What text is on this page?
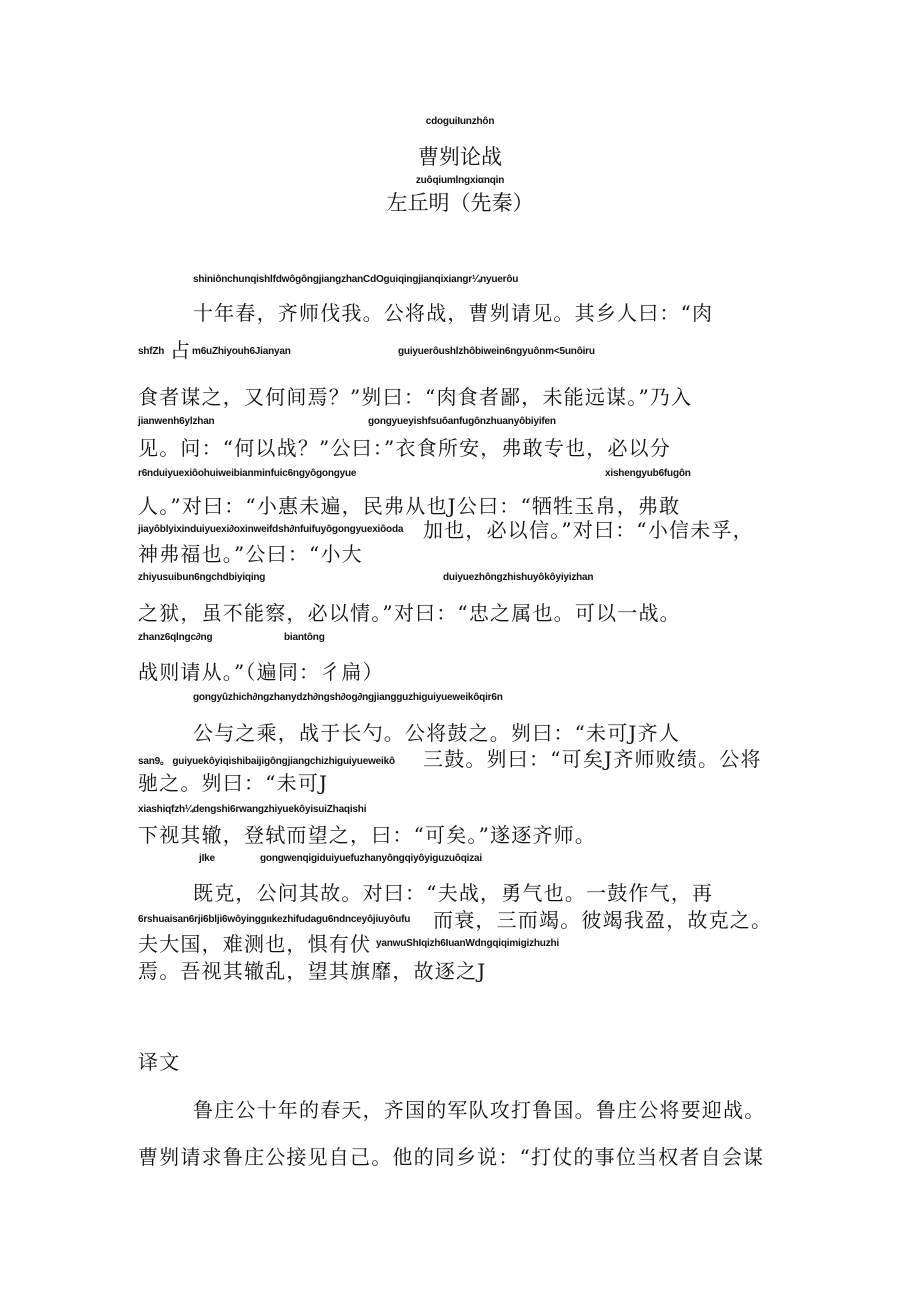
cdoguiIunzhôn
曹刿论战
zuôqiumlngxiαnqin
左丘明（先秦）
shiniônchunqishlfdwôgôngjiangzhanCdOguiqingjianqixiangr¼nyuerôu
十年春，齐师伐我。公将战，曹刿请见。其乡人曰：“肉
shfZh 占 m6uZhiyouh6Jianyan	guiyuerôushlzhôbiwein6ngyuônm<5unôiru
食者谋之，又何间焉？”刿曰：“肉食者鄙，未能远谋。”乃入
jianwenh6ylzhan	gongyueyishfsuôanfugônzhuanyôbiyifen
见。问：“何以战？”公曰：”衣食所安，弗敢专也，必以分
r6nduiyuexiôohuiweibianminfuic6ngyôgongyue	xishengyub6fugôn
人。”对曰：“小惠未遍，民弗从也J公曰：“牺牲玉帛，弗敢
jiayôblyixinduiyuexi∂oxinweifdsh∂nfuifuyôgongyuexiôoda 加也，必以信。”对曰：“小信未孚，
神弗福也。”公曰：“小大
zhiyusuibun6ngchdbiyiqing	duiyuezhôngzhishuyôkôyiyizhan
之狱，虽不能察，必以情。”对曰：“忠之属也。可以一战。
zhanz6qlngc∂ng	biantông
战则请从。”（遍同：彳扁）
gongyûzhich∂ngzhanydzh∂ngsh∂og∂ngjiangguzhiguiyueweikôqir6n
公与之乘，战于长勺。公将鼓之。刿曰：“未可J齐人
san9。 guiyuekôyiqishibaijigôngjiangchizhiguiyueweikô 三鼓。刿曰：“可矣J齐师败绩。公将
驰之。刿曰：“未可J
xiashiqfzh¼dengshi6rwangzhiyuekôyisuiZhaqishi
下视其辙，登轼而望之，曰：“可矣。”遂逐齐师。
jIke	gongwenqigiduiyuefuzhanyôngqiyôyiguzuôqizai
既克，公问其故。对曰：“夫战，勇气也。一鼓作气，再
6rshuaisan6rji6blji6wôyinggιιkezhifudagu6ndnceyôjiuyôufu 而衰，三而竭。彼竭我盈，故克之。
夫大国，难测也，惧有伏 yanwuShIqizh6IuanWdngqiqimigizhuzhi
焉。吾视其辙乱，望其旗靡，故逐之J
译文
鲁庄公十年的春天，齐国的军队攻打鲁国。鲁庄公将要迎战。
曹刿请求鲁庄公接见自己。他的同乡说：“打仗的事位当权者自会谋
